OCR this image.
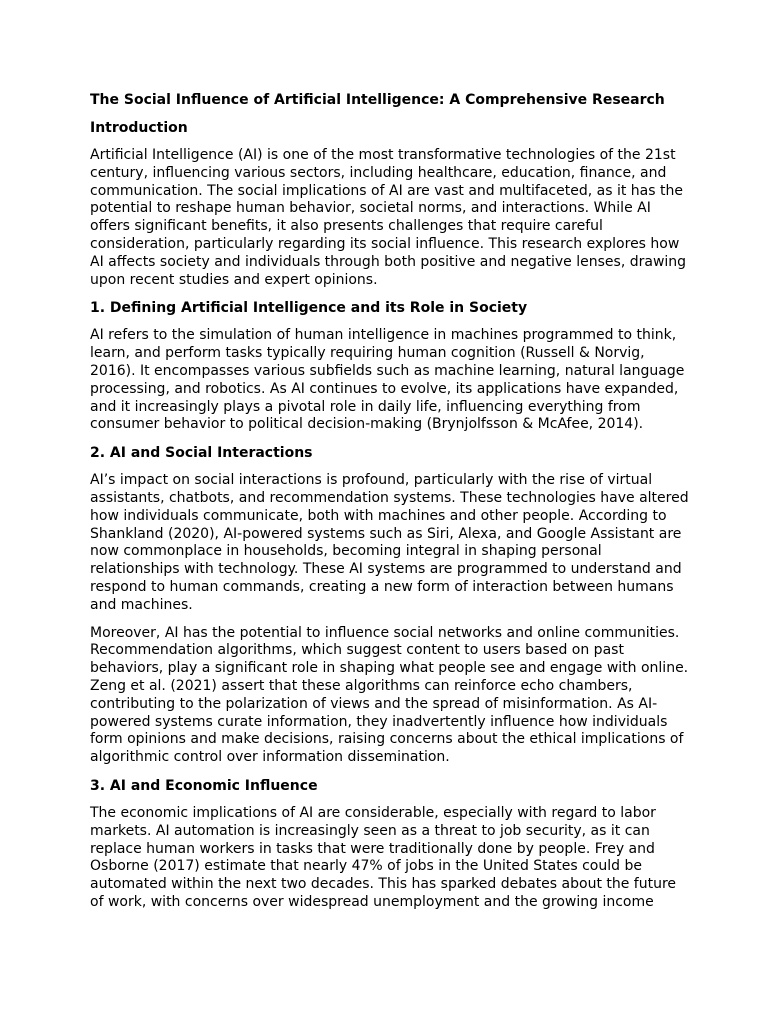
The Social Influence of Artificial Intelligence: A Comprehensive Research
Introduction
Artificial Intelligence (AI) is one of the most transformative technologies of the 21st century, influencing various sectors, including healthcare, education, finance, and communication. The social implications of AI are vast and multifaceted, as it has the potential to reshape human behavior, societal norms, and interactions. While AI offers significant benefits, it also presents challenges that require careful consideration, particularly regarding its social influence. This research explores how AI affects society and individuals through both positive and negative lenses, drawing upon recent studies and expert opinions.
1. Defining Artificial Intelligence and its Role in Society
AI refers to the simulation of human intelligence in machines programmed to think, learn, and perform tasks typically requiring human cognition (Russell & Norvig, 2016). It encompasses various subfields such as machine learning, natural language processing, and robotics. As AI continues to evolve, its applications have expanded, and it increasingly plays a pivotal role in daily life, influencing everything from consumer behavior to political decision-making (Brynjolfsson & McAfee, 2014).
2. AI and Social Interactions
AI’s impact on social interactions is profound, particularly with the rise of virtual assistants, chatbots, and recommendation systems. These technologies have altered how individuals communicate, both with machines and other people. According to Shankland (2020), AI-powered systems such as Siri, Alexa, and Google Assistant are now commonplace in households, becoming integral in shaping personal relationships with technology. These AI systems are programmed to understand and respond to human commands, creating a new form of interaction between humans and machines.
Moreover, AI has the potential to influence social networks and online communities. Recommendation algorithms, which suggest content to users based on past behaviors, play a significant role in shaping what people see and engage with online. Zeng et al. (2021) assert that these algorithms can reinforce echo chambers, contributing to the polarization of views and the spread of misinformation. As AI-powered systems curate information, they inadvertently influence how individuals form opinions and make decisions, raising concerns about the ethical implications of algorithmic control over information dissemination.
3. AI and Economic Influence
The economic implications of AI are considerable, especially with regard to labor markets. AI automation is increasingly seen as a threat to job security, as it can replace human workers in tasks that were traditionally done by people. Frey and Osborne (2017) estimate that nearly 47% of jobs in the United States could be automated within the next two decades. This has sparked debates about the future of work, with concerns over widespread unemployment and the growing income
